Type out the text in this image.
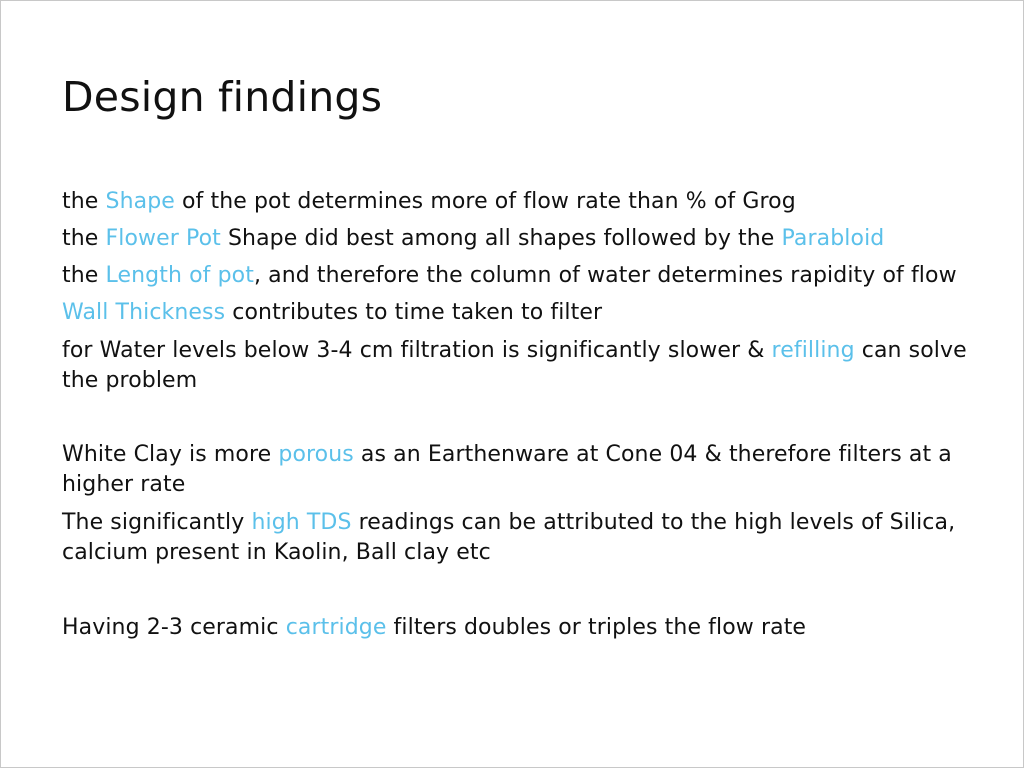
Design findings

the Shape of the pot determines more of flow rate than % of Grog

the Flower Pot Shape did best among all shapes followed by the Parabloid

the Length of pot, and therefore the column of water determines rapidity of flow

Wall Thickness contributes to time taken to filter

for Water levels below 3-4 cm filtration is significantly slower & refilling can solve

the problem

White Clay is more porous as an Earthenware at Cone 04 & therefore filters at a

higher rate

The significantly high TDS readings can be attributed to the high levels of Silica,

calcium present in Kaolin, Ball clay etc

Having 2-3 ceramic cartridge filters doubles or triples the flow rate
